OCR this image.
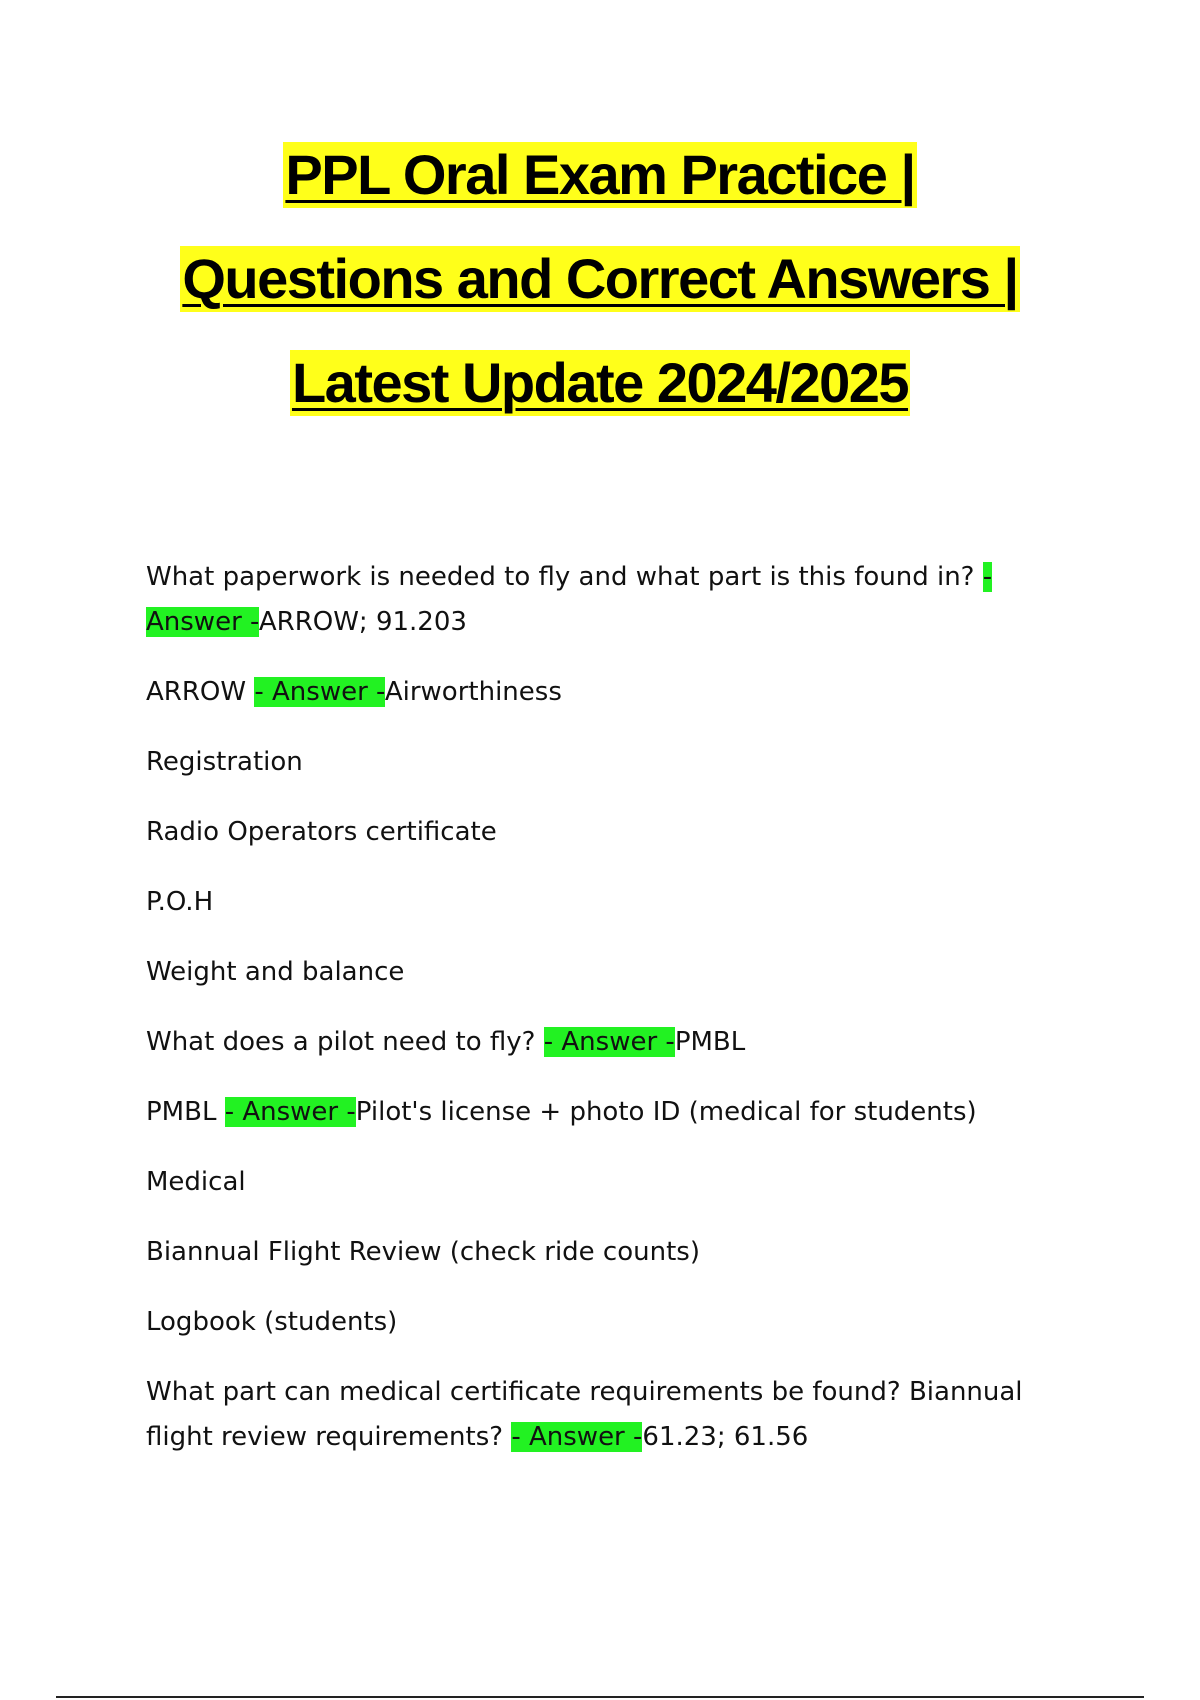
PPL Oral Exam Practice |
Questions and Correct Answers |
Latest Update 2024/2025

What paperwork is needed to fly and what part is this found in? - Answer -ARROW; 91.203

ARROW - Answer -Airworthiness

Registration

Radio Operators certificate

P.O.H

Weight and balance

What does a pilot need to fly? - Answer -PMBL

PMBL - Answer -Pilot's license + photo ID (medical for students)

Medical

Biannual Flight Review (check ride counts)

Logbook (students)

What part can medical certificate requirements be found? Biannual flight review requirements? - Answer -61.23; 61.56
